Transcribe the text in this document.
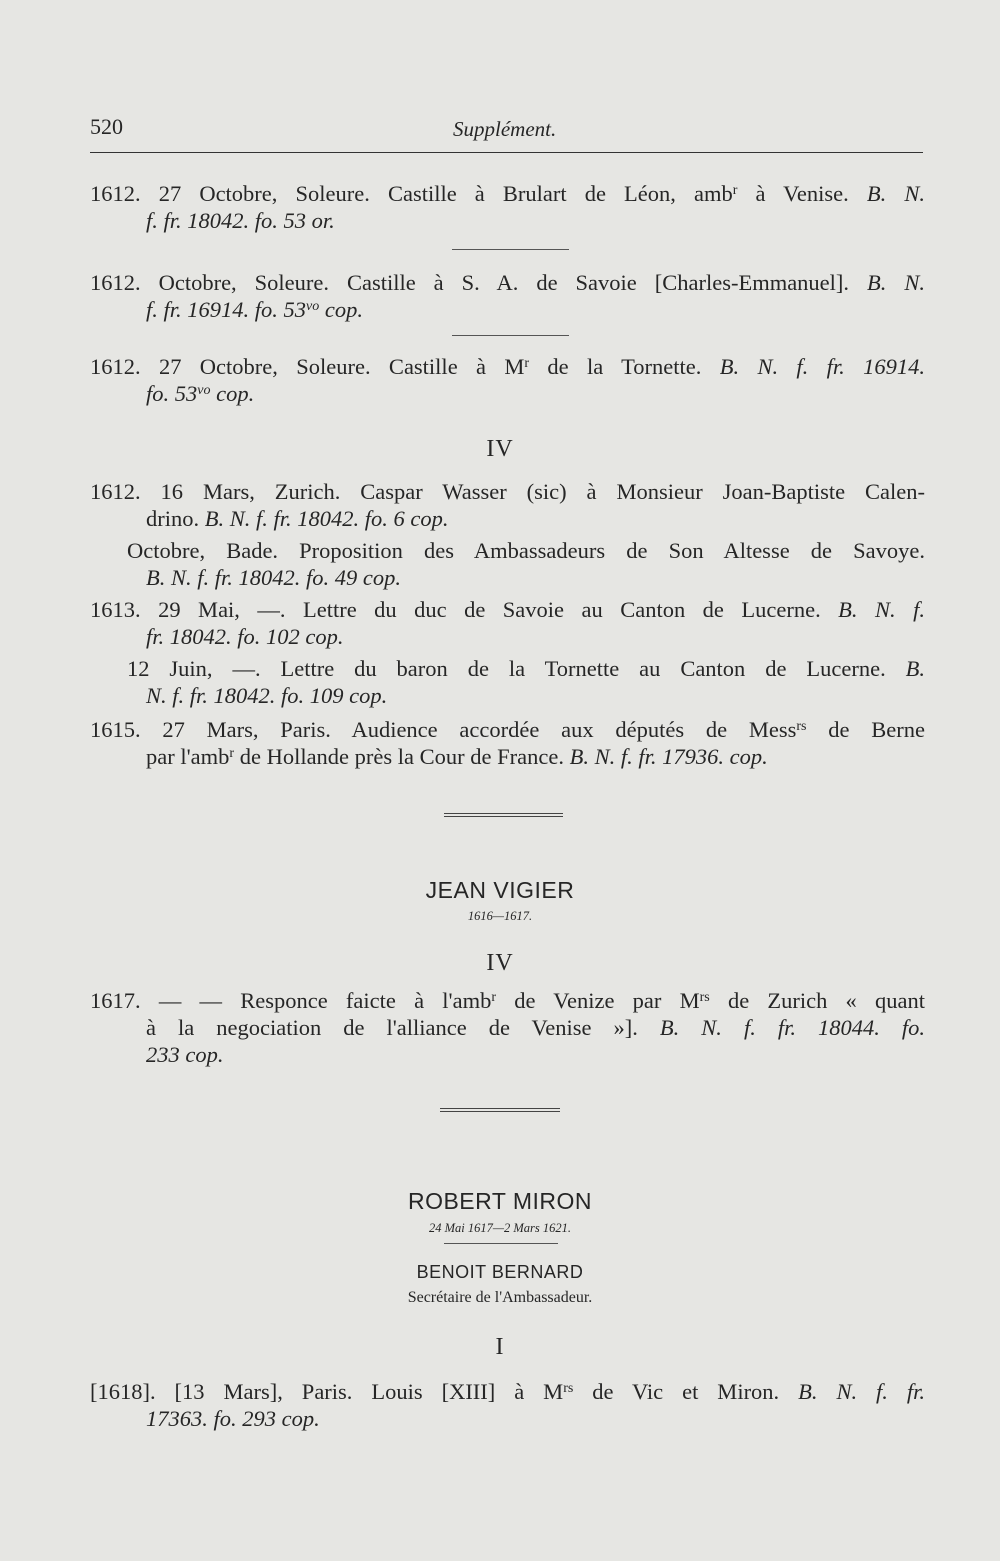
520	Supplément.
1612. 27 Octobre, Soleure. Castille à Brulart de Léon, amb$^r$ à Venise. B. N.
f. fr. 18042. fo. 53 or.
1612. Octobre, Soleure. Castille à S. A. de Savoie [Charles-Emmanuel]. B. N.
f. fr. 16914. fo. 53$^{vo}$ cop.
1612. 27 Octobre, Soleure. Castille à $M^r$ de la Tornette. B. N. f. fr. 16914.
fo. 53$^{vo}$ cop.
IV
1612. 16 Mars, Zurich. Caspar Wasser (sic) à Monsieur Joan-Baptiste Calen-
drino. B. N. f. fr. 18042. fo. 6 cop.
Octobre, Bade. Proposition des Ambassadeurs de Son Altesse de Savoye.
B. N. f. fr. 18042. fo. 49 cop.
1613. 29 Mai, —. Lettre du duc de Savoie au Canton de Lucerne. B. N. f.
fr. 18042. fo. 102 cop.
12 Juin, —. Lettre du baron de la Tornette au Canton de Lucerne. B.
N. f. fr. 18042. fo. 109 cop.
1615. 27 Mars, Paris. Audience accordée aux députés de Mess$^{rs}$ de Berne
par l'amb$^r$ de Hollande près la Cour de France. B. N. f. fr. 17936. cop.
JEAN VIGIER
1616—1617.
IV
1617. — — Responce faicte à l'amb$^r$ de Venize par $M^{rs}$ de Zurich « quant
à la negociation de l'alliance de Venise »]. B. N. f. fr. 18044. fo.
233 cop.
ROBERT MIRON
24 Mai 1617—2 Mars 1621.
BENOIT BERNARD
Secrétaire de l'Ambassadeur.
I
[1618]. [13 Mars], Paris. Louis [XIII] à $M^{rs}$ de Vic et Miron. B. N. f. fr.
17363. fo. 293 cop.
